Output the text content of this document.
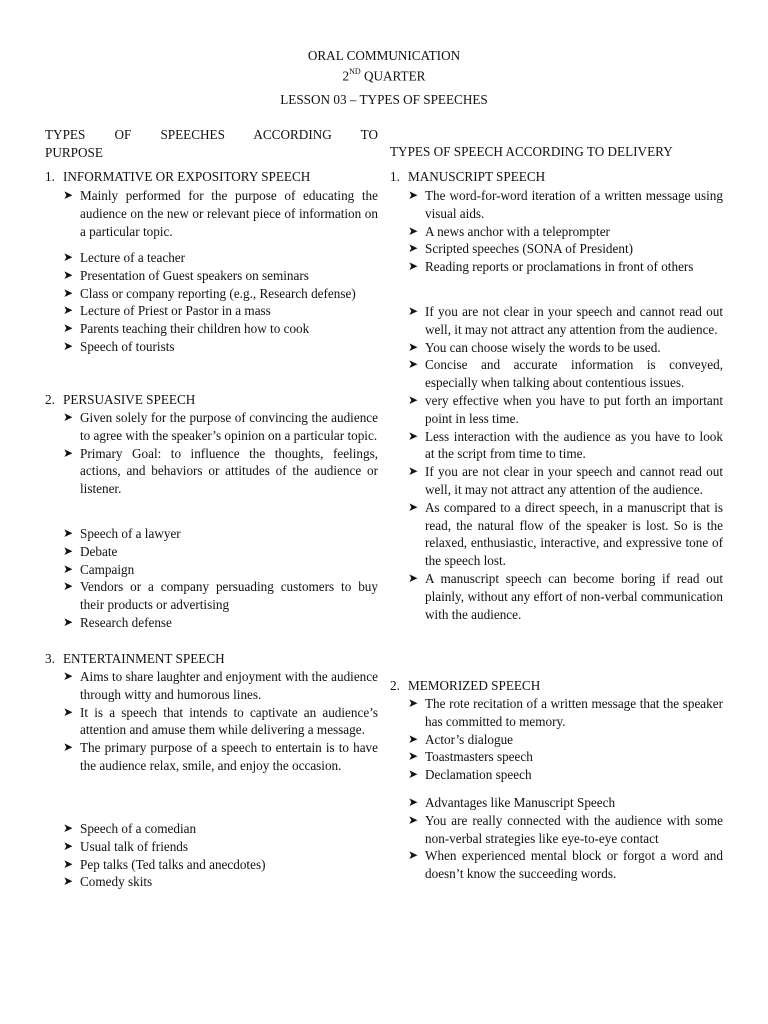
ORAL COMMUNICATION
2ND QUARTER
LESSON 03 – TYPES OF SPEECHES
TYPES OF SPEECHES ACCORDING TO
PURPOSE
1. INFORMATIVE OR EXPOSITORY SPEECH
➤ Mainly performed for the purpose of educating the audience on the new or relevant piece of information on a particular topic.
➤ Lecture of a teacher
➤ Presentation of Guest speakers on seminars
➤ Class or company reporting (e.g., Research defense)
➤ Lecture of Priest or Pastor in a mass
➤ Parents teaching their children how to cook
➤ Speech of tourists
2. PERSUASIVE SPEECH
➤ Given solely for the purpose of convincing the audience to agree with the speaker’s opinion on a particular topic.
➤ Primary Goal: to influence the thoughts, feelings, actions, and behaviors or attitudes of the audience or listener.
➤ Speech of a lawyer
➤ Debate
➤ Campaign
➤ Vendors or a company persuading customers to buy their products or advertising
➤ Research defense
3. ENTERTAINMENT SPEECH
➤ Aims to share laughter and enjoyment with the audience through witty and humorous lines.
➤ It is a speech that intends to captivate an audience’s attention and amuse them while delivering a message.
➤ The primary purpose of a speech to entertain is to have the audience relax, smile, and enjoy the occasion.
➤ Speech of a comedian
➤ Usual talk of friends
➤ Pep talks (Ted talks and anecdotes)
➤ Comedy skits
TYPES OF SPEECH ACCORDING TO DELIVERY
1. MANUSCRIPT SPEECH
➤ The word-for-word iteration of a written message using visual aids.
➤ A news anchor with a teleprompter
➤ Scripted speeches (SONA of President)
➤ Reading reports or proclamations in front of others
➤ If you are not clear in your speech and cannot read out well, it may not attract any attention from the audience.
➤ You can choose wisely the words to be used.
➤ Concise and accurate information is conveyed, especially when talking about contentious issues.
➤ very effective when you have to put forth an important point in less time.
➤ Less interaction with the audience as you have to look at the script from time to time.
➤ If you are not clear in your speech and cannot read out well, it may not attract any attention of the audience.
➤ As compared to a direct speech, in a manuscript that is read, the natural flow of the speaker is lost. So is the relaxed, enthusiastic, interactive, and expressive tone of the speech lost.
➤ A manuscript speech can become boring if read out plainly, without any effort of non-verbal communication with the audience.
2. MEMORIZED SPEECH
➤ The rote recitation of a written message that the speaker has committed to memory.
➤ Actor’s dialogue
➤ Toastmasters speech
➤ Declamation speech
➤ Advantages like Manuscript Speech
➤ You are really connected with the audience with some non-verbal strategies like eye-to-eye contact
➤ When experienced mental block or forgot a word and doesn’t know the succeeding words.
